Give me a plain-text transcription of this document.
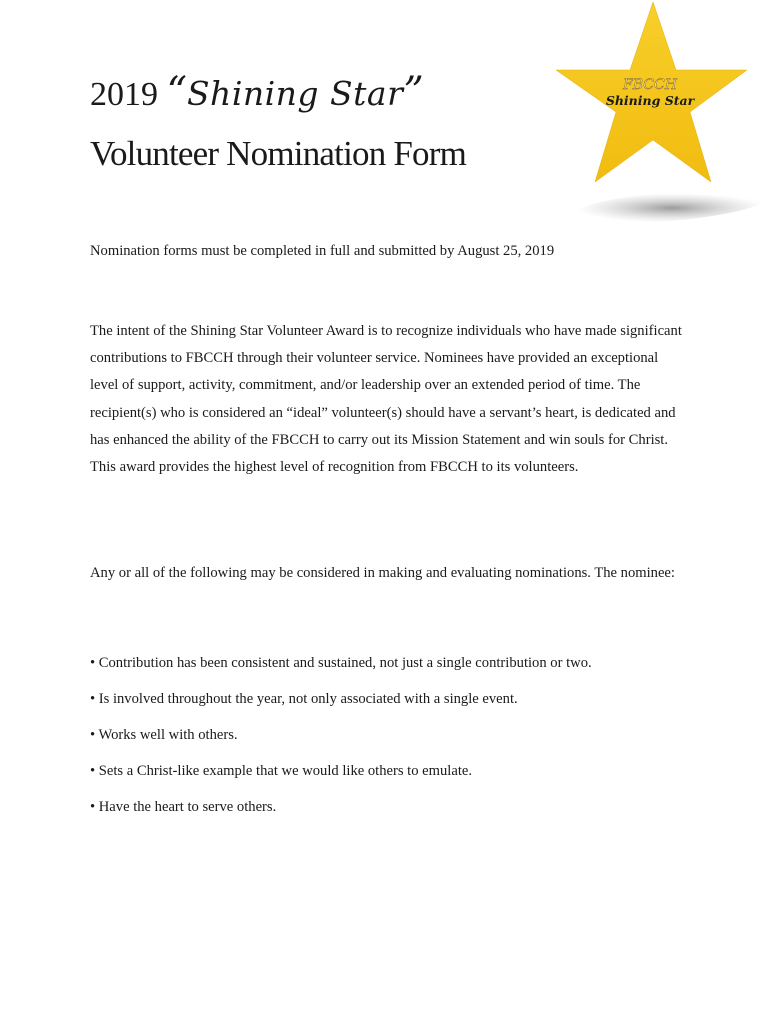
2019 “Shining Star”
Volunteer Nomination Form
FBCCH
Shining Star
Nomination forms must be completed in full and submitted by August 25, 2019

The intent of the Shining Star Volunteer Award is to recognize individuals who have made significant contributions to FBCCH through their volunteer service. Nominees have provided an exceptional level of support, activity, commitment, and/or leadership over an extended period of time. The recipient(s) who is considered an “ideal” volunteer(s) should have a servant’s heart, is dedicated and has enhanced the ability of the FBCCH to carry out its Mission Statement and win souls for Christ. This award provides the highest level of recognition from FBCCH to its volunteers.

Any or all of the following may be considered in making and evaluating nominations. The nominee:

• Contribution has been consistent and sustained, not just a single contribution or two.
• Is involved throughout the year, not only associated with a single event.
• Works well with others.
• Sets a Christ-like example that we would like others to emulate.
• Have the heart to serve others.
